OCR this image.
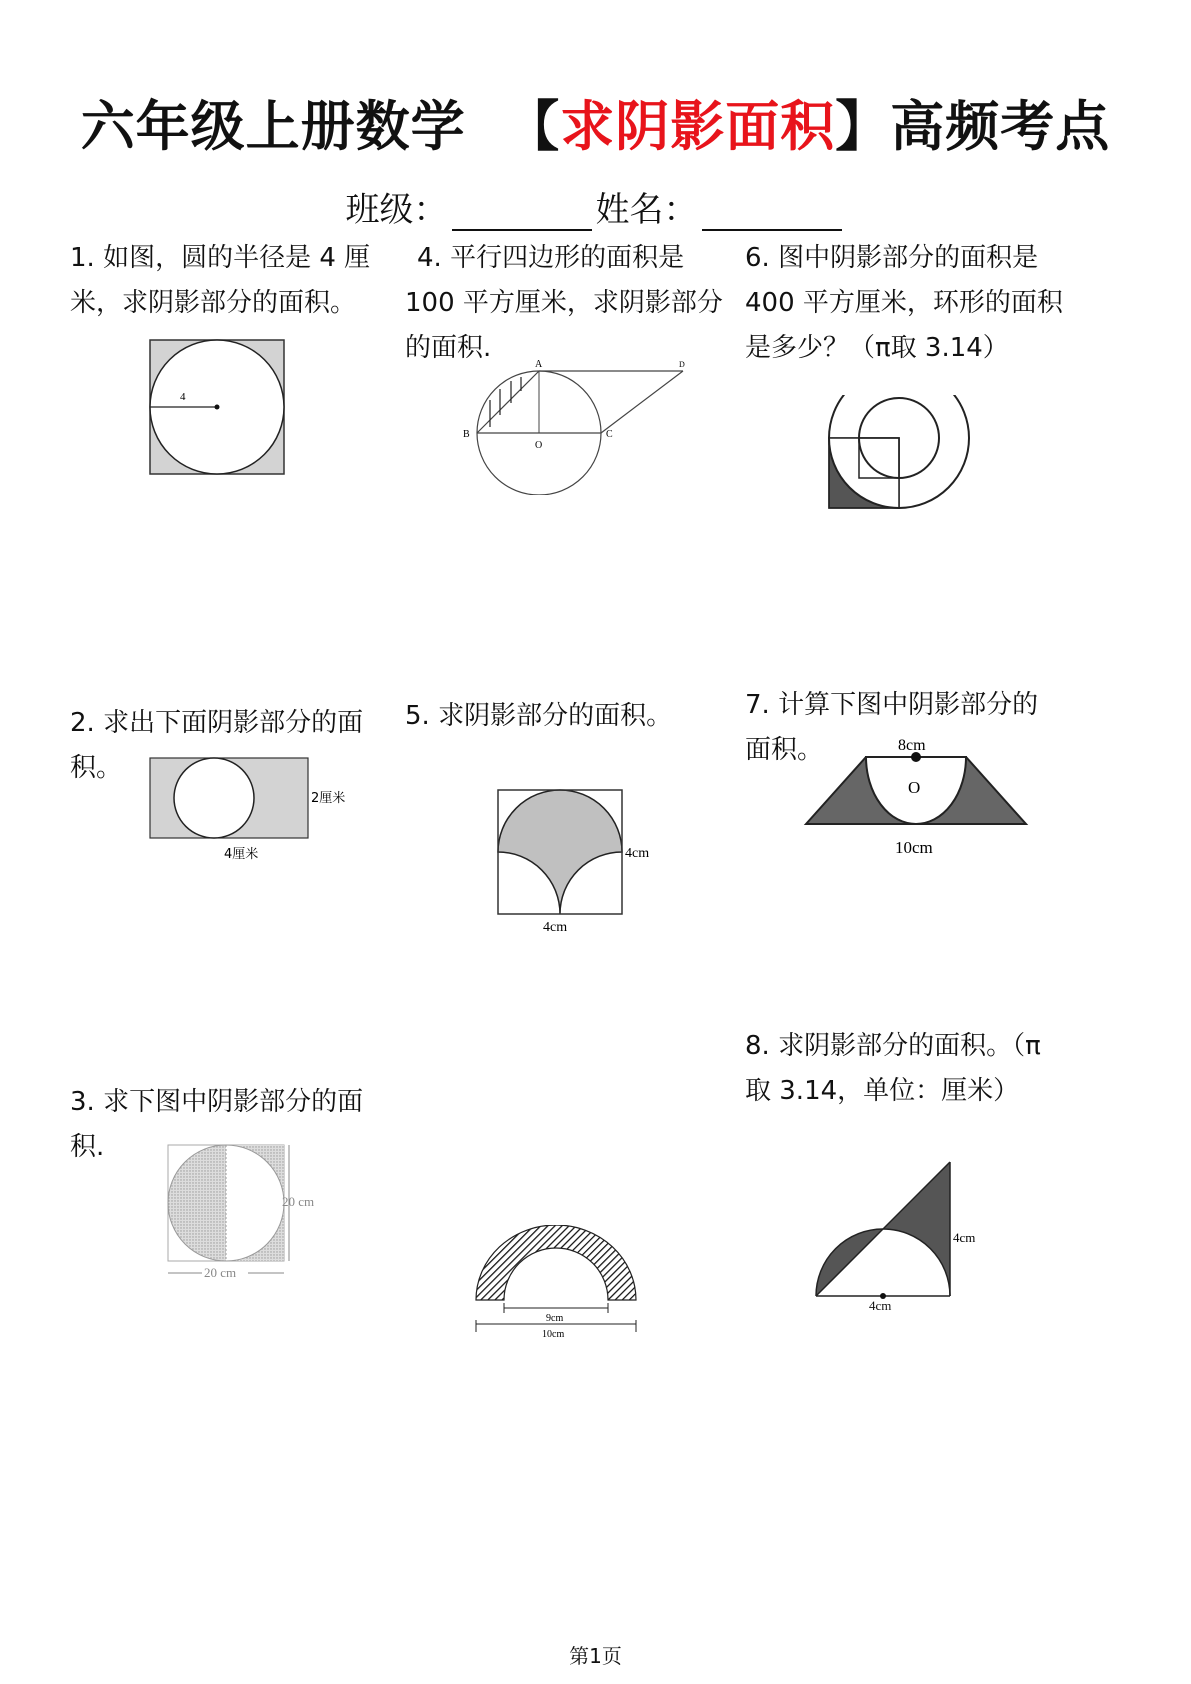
六年级上册数学 【求阴影面积】高频考点
班级：	姓名：
1. 如图，圆的半径是 4 厘
米，求阴影部分的面积。
4
4. 平行四边形的面积是
100 平方厘米，求阴影部分
的面积.
A
B	C
D
O
6. 图中阴影部分的面积是
400 平方厘米，环形的面积
是多少？（π取 3.14）
2. 求出下面阴影部分的面
积。
2厘米
4厘米
5. 求阴影部分的面积。
4cm
4cm
7. 计算下图中阴影部分的
面积。	8cm
O
10cm
3. 求下图中阴影部分的面
积.
20 cm
20 cm
9cm
10cm
8. 求阴影部分的面积。（π
取 3.14，单位：厘米）
4cm
4cm
第1页
